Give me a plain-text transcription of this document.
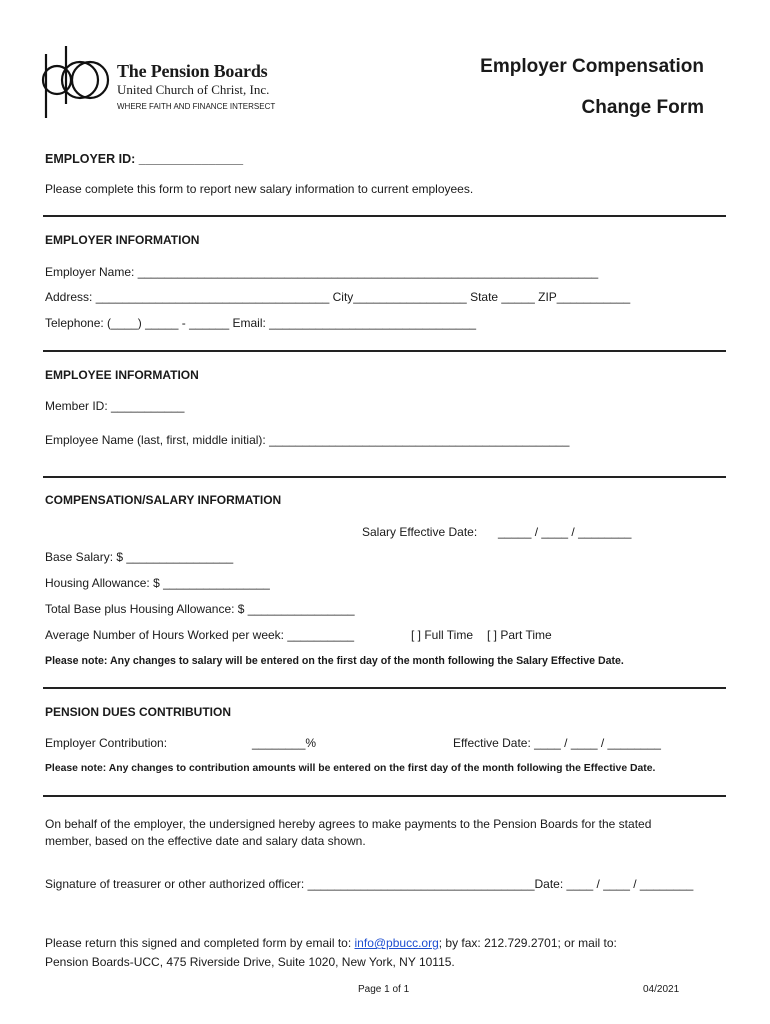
The Pension Boards
United Church of Christ, Inc.
WHERE FAITH AND FINANCE INTERSECT
Employer Compensation
Change Form
EMPLOYER ID: _______________
Please complete this form to report new salary information to current employees.
EMPLOYER INFORMATION
Employer Name: _____________________________________________________________________
Address: ___________________________________ City_________________ State _____ ZIP___________
Telephone: (____) _____ - ______ Email: _______________________________
EMPLOYEE INFORMATION
Member ID: ___________
Employee Name (last, first, middle initial): _____________________________________________
COMPENSATION/SALARY INFORMATION
Salary Effective Date: _____ / ____ / ________
Base Salary: $ ________________
Housing Allowance: $ ________________
Total Base plus Housing Allowance: $ ________________
Average Number of Hours Worked per week: __________	[ ] Full Time [ ] Part Time
Please note: Any changes to salary will be entered on the first day of the month following the Salary Effective Date.
PENSION DUES CONTRIBUTION
Employer Contribution:	________%	Effective Date: ____ / ____ / ________
Please note: Any changes to contribution amounts will be entered on the first day of the month following the Effective Date.
On behalf of the employer, the undersigned hereby agrees to make payments to the Pension Boards for the stated
member, based on the effective date and salary data shown.
Signature of treasurer or other authorized officer: __________________________________Date: ____ / ____ / ________
Please return this signed and completed form by email to: info@pbucc.org; by fax: 212.729.2701; or mail to:
Pension Boards-UCC, 475 Riverside Drive, Suite 1020, New York, NY 10115.
Page 1 of 1	04/2021
